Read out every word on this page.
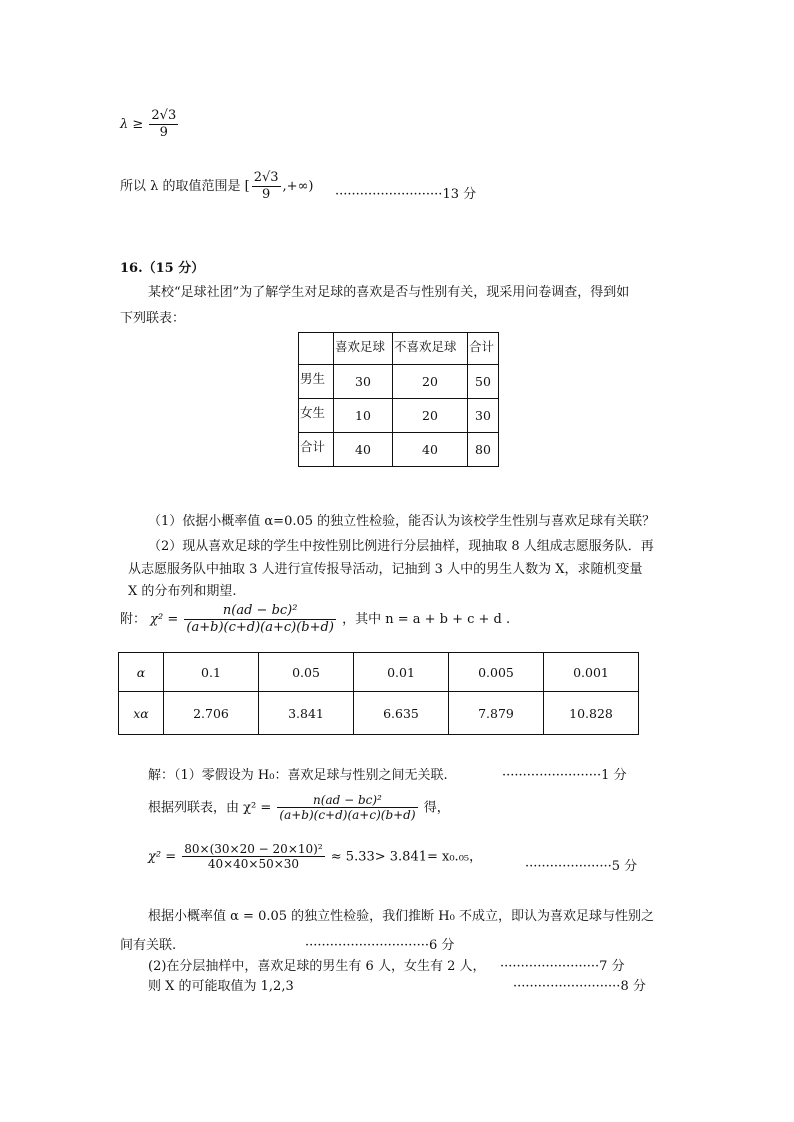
$\lambda \ge \frac{2√3}{9}$
所以 λ 的取值范围是 [ $\frac{2√3}{9}$ ,+∞)
··························13 分
16.（15 分）
某校“足球社团”为了解学生对足球的喜欢是否与性别有关，现采用问卷调查，得到如
下列联表：
	喜欢足球	不喜欢足球	合计
男生	30	20	50
女生	10	20	30
合计	40	40	80
（1）依据小概率值 α=0.05 的独立性检验，能否认为该校学生性别与喜欢足球有关联？
（2）现从喜欢足球的学生中按性别比例进行分层抽样，现抽取 8 人组成志愿服务队．再
从志愿服务队中抽取 3 人进行宣传报导活动，记抽到 3 人中的男生人数为 X，求随机变量
X 的分布列和期望.
附： $\chi^2 = \frac{\text{n(ad − bc)²}}{(a+b)(c+d)(a+c)(b+d)}$ ，其中 n = a + b + c + d .
α	0.1	0.05	0.01	0.005	0.001
xα	2.706	3.841	6.635	7.879	10.828
解：（1）零假设为 H₀：喜欢足球与性别之间无关联.	························1 分
根据列联表，由 $\chi^2 = \frac{\text{n(ad − bc)²}}{(a+b)(c+d)(a+c)(b+d)}$ 得，
$\chi^2 = \frac{\text{80×(30×20 − 20×10)²}}{40\times 40\times 50\times 30} \approx 5.33> 3.841= x_0._{05}$，
·····················5 分
根据小概率值 α = 0.05 的独立性检验，我们推断 H₀ 不成立，即认为喜欢足球与性别之
间有关联.	······························6 分
(2)在分层抽样中，喜欢足球的男生有 6 人，女生有 2 人， ························7 分
则 X 的可能取值为 1,2,3	··························8 分
